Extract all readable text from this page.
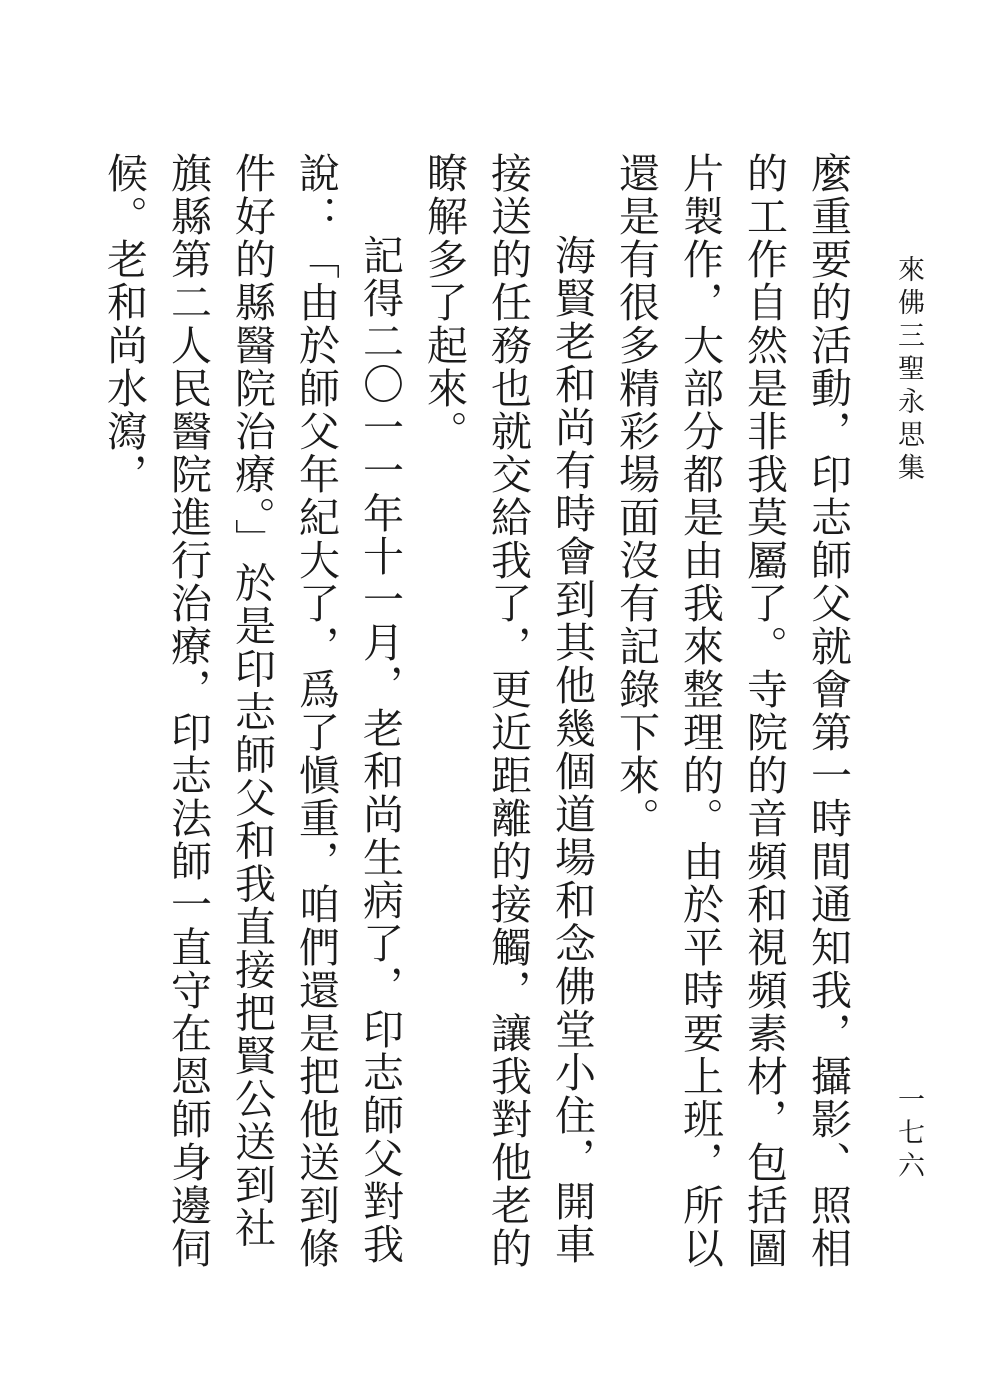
來佛三聖永思集
一七六

麼重要的活動，印志師父就會第一時間通知我，攝影、照相的工作自然是非我莫屬了。寺院的音頻和視頻素材，包括圖片製作，大部分都是由我來整理的。由於平時要上班，所以還是有很多精彩場面沒有記錄下來。

海賢老和尚有時會到其他幾個道場和念佛堂小住，開車接送的任務也就交給我了，更近距離的接觸，讓我對他老的瞭解多了起來。

記得二〇一一年十一月，老和尚生病了，印志師父對我說：「由於師父年紀大了，爲了愼重，咱們還是把他送到條件好的縣醫院治療。」於是印志師父和我直接把賢公送到社旗縣第二人民醫院進行治療，印志法師一直守在恩師身邊伺候。老和尚水瀉，
